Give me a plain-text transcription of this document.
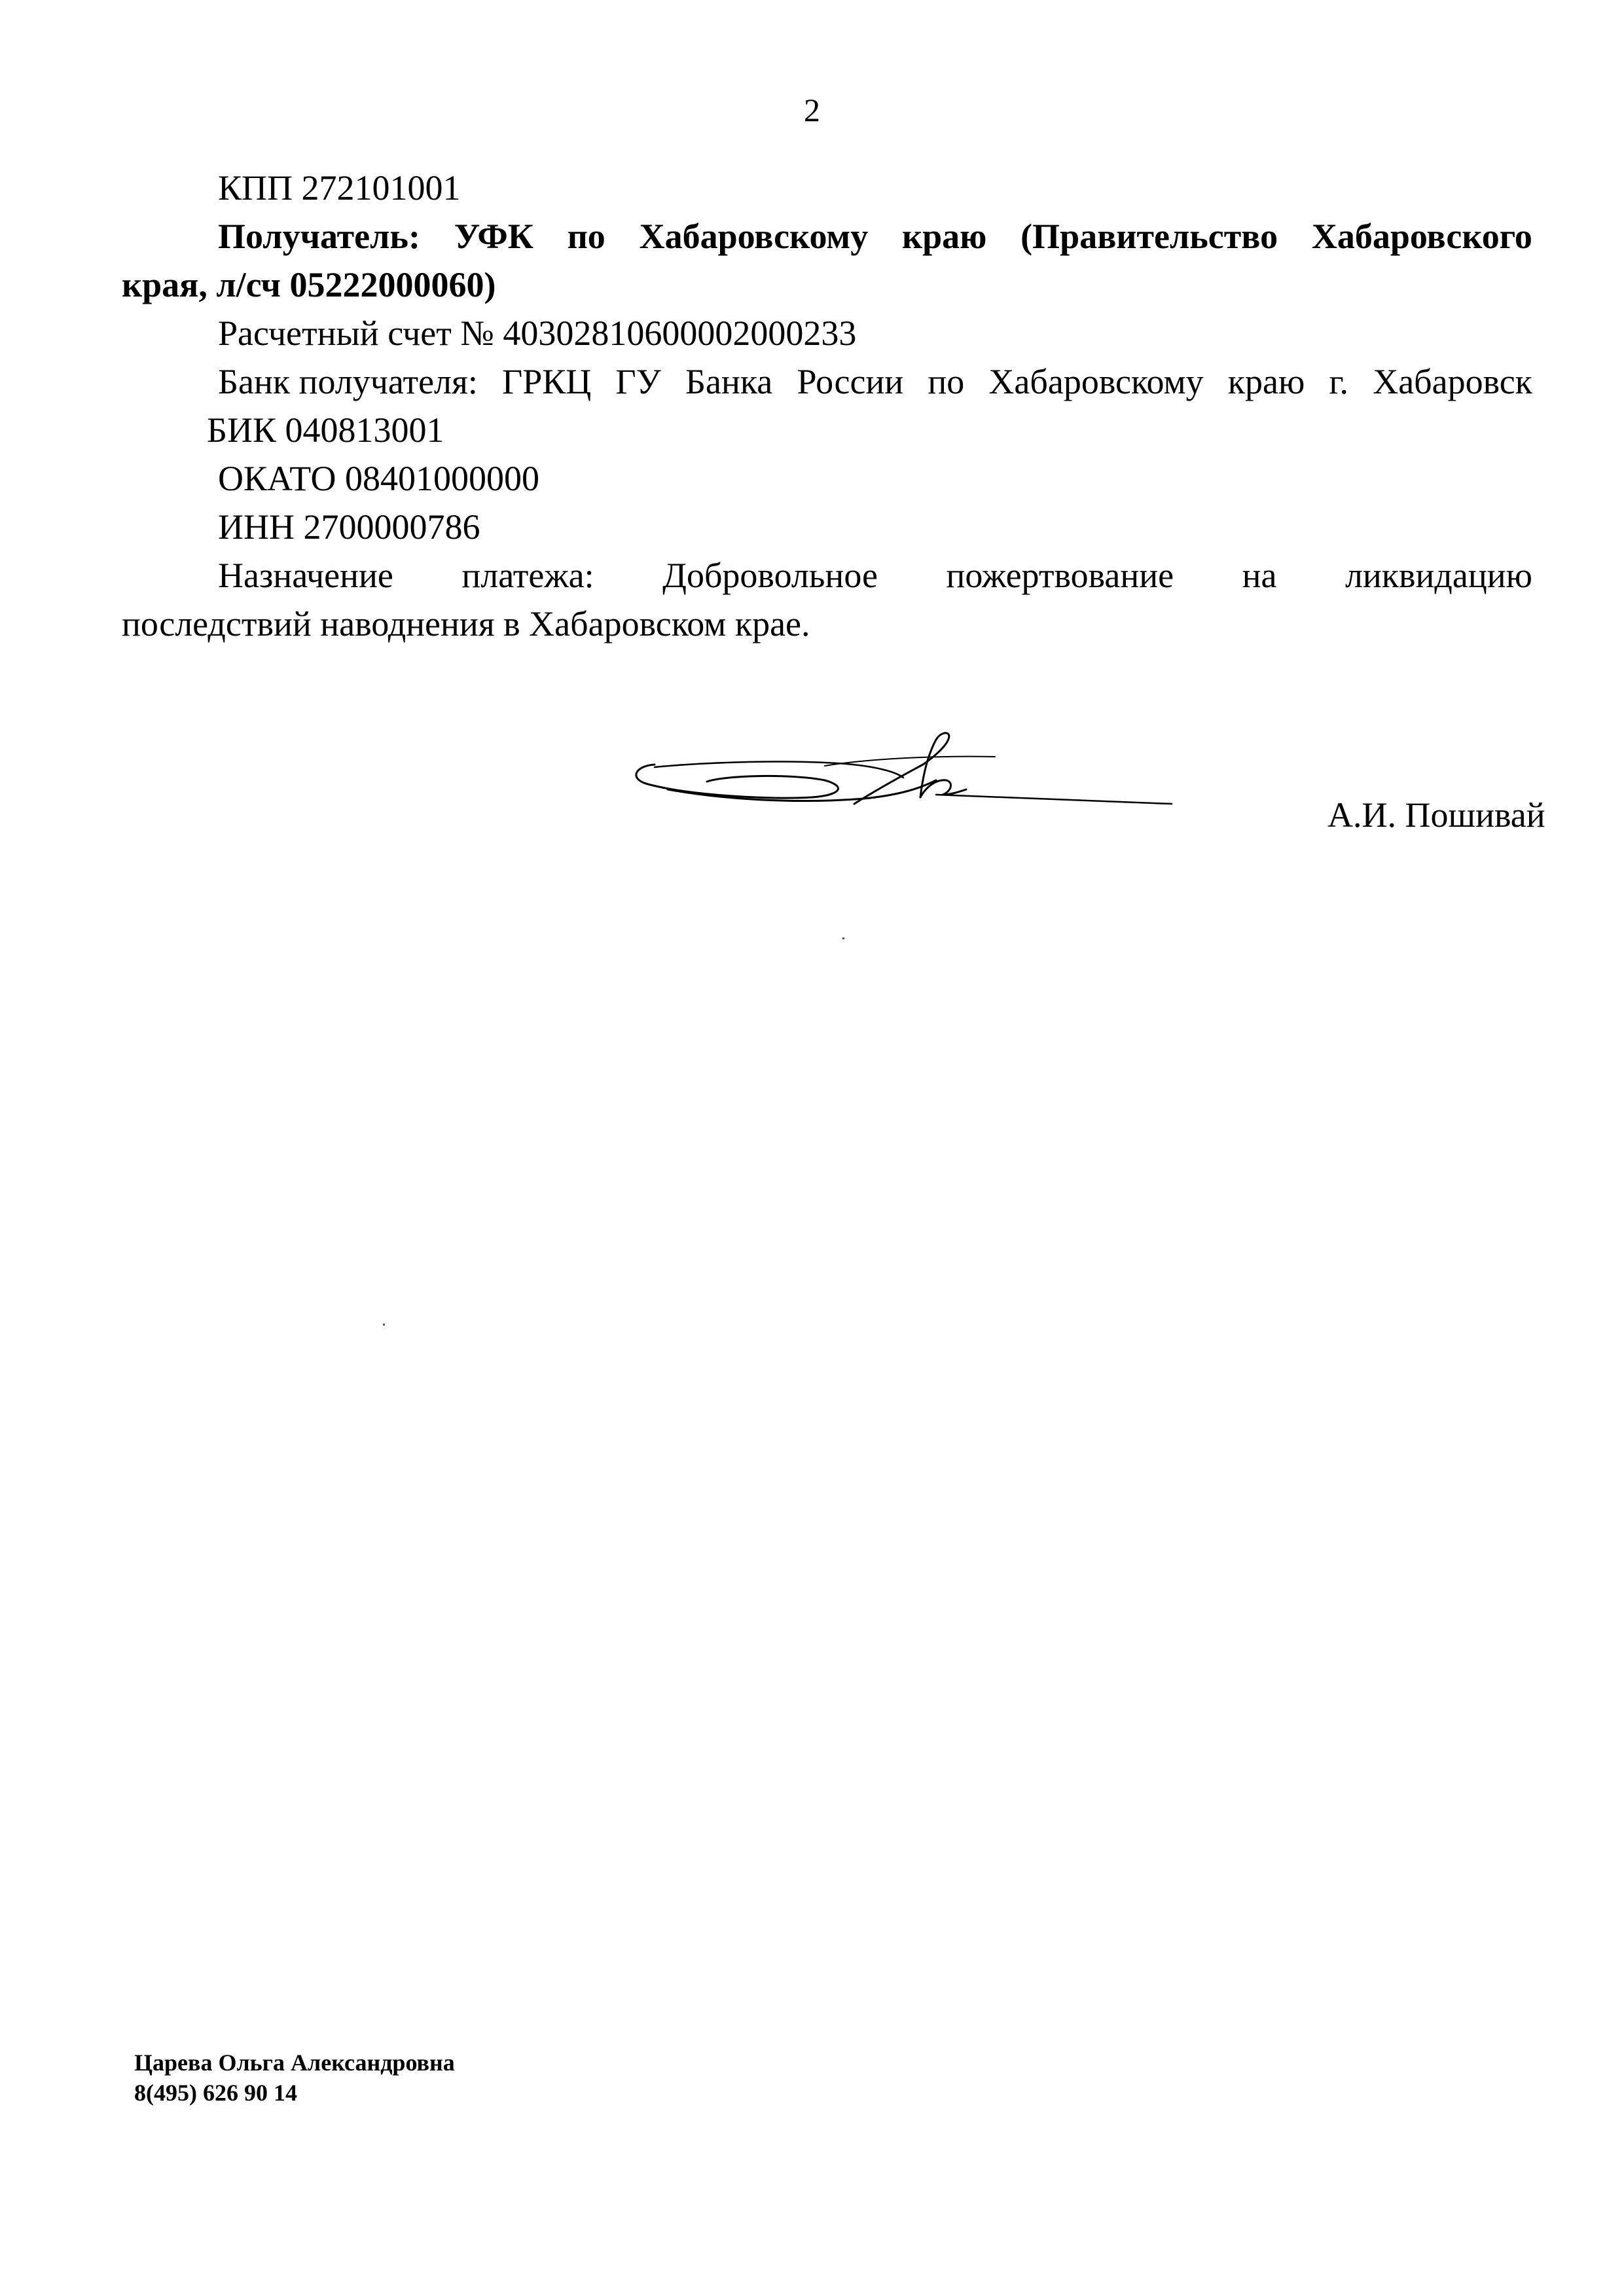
2
КПП 272101001
Получатель: УФК по Хабаровскому краю (Правительство Хабаровского
края, л/сч 05222000060)
Расчетный счет № 40302810600002000233
Банк получателя: ГРКЦ ГУ Банка России по Хабаровскому краю г. Хабаровск
БИК 040813001
ОКАТО 08401000000
ИНН 2700000786
Назначение платежа: Добровольное пожертвование на ликвидацию
последствий наводнения в Хабаровском крае.
А.И. Пошивай
Царева Ольга Александровна
8(495) 626 90 14
